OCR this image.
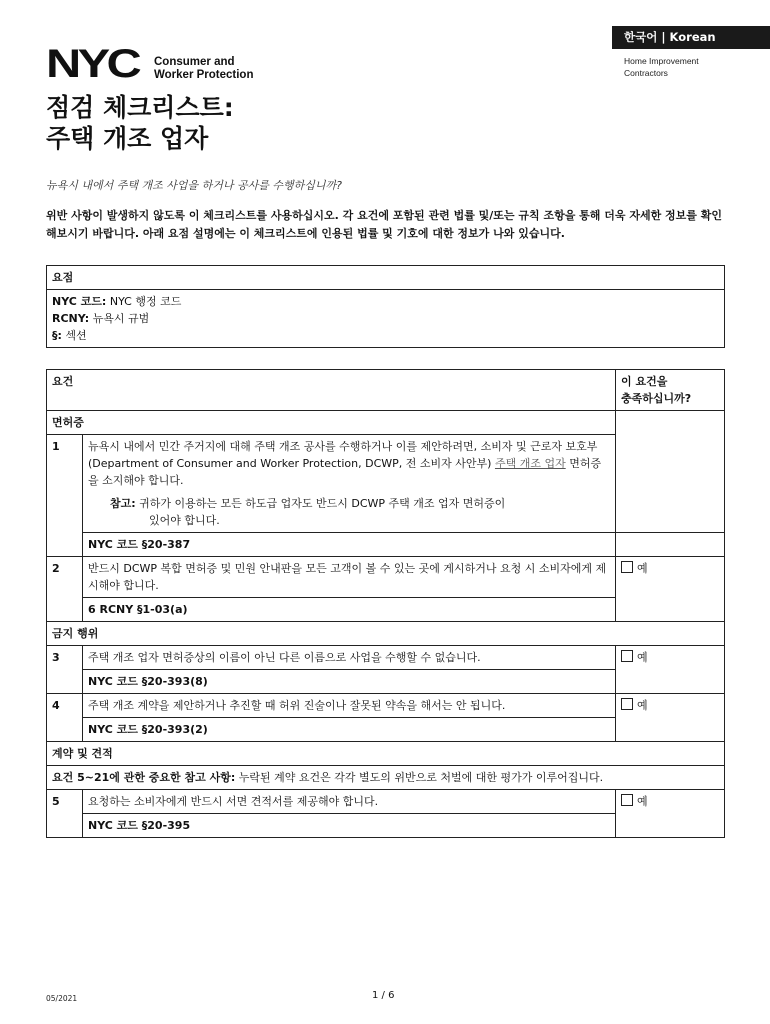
한국어 | Korean
Home Improvement
Contractors
NYC Consumer and
Worker Protection
점검 체크리스트:
주택 개조 업자
뉴욕시 내에서 주택 개조 사업을 하거나 공사를 수행하십니까?
위반 사항이 발생하지 않도록 이 체크리스트를 사용하십시오. 각 요건에 포함된 관련 법률 및/또는 규칙 조항을 통해 더욱 자세한 정보를 확인해보시기 바랍니다. 아래 요점 설명에는 이 체크리스트에 인용된 법률 및 기호에 대한 정보가 나와 있습니다.
요점

NYC 코드: NYC 행정 코드
RCNY: 뉴욕시 규범
§: 섹션
요건		이 요건을
충족하십니까?

면허증		
1	뉴욕시 내에서 민간 주거지에 대해 주택 개조 공사를 수행하거나 이를 제안하려면, 소비자 및 근로자 보호부(Department of Consumer and Worker Protection, DCWP, 전 소비자 사안부) 주택 개조 업자 면허증을 소지해야 합니다.
참고: 귀하가 이용하는 모든 하도급 업자도 반드시 DCWP 주택 개조 업자 면허증이
있어야 합니다.	

	NYC 코드 §20-387	
2	반드시 DCWP 복합 면허증 및 민원 안내판을 모든 고객이 볼 수 있는 곳에 게시하거나 요청 시 소비자에게 제시해야 합니다.	예
	6 RCNY §1-03(a)	
금지 행위		
3	주택 개조 업자 면허증상의 이름이 아닌 다른 이름으로 사업을 수행할 수 없습니다.	예
	NYC 코드 §20-393(8)	
4	주택 개조 계약을 제안하거나 추진할 때 허위 진술이나 잘못된 약속을 해서는 안 됩니다.	예
	NYC 코드 §20-393(2)	
계약 및 견적		
요건 5~21에 관한 중요한 참고 사항: 누락된 계약 요건은 각각 별도의 위반으로 처벌에 대한 평가가 이루어집니다.		
5	요청하는 소비자에게 반드시 서면 견적서를 제공해야 합니다.	예
	NYC 코드 §20-395	
05/2021	1 / 6
